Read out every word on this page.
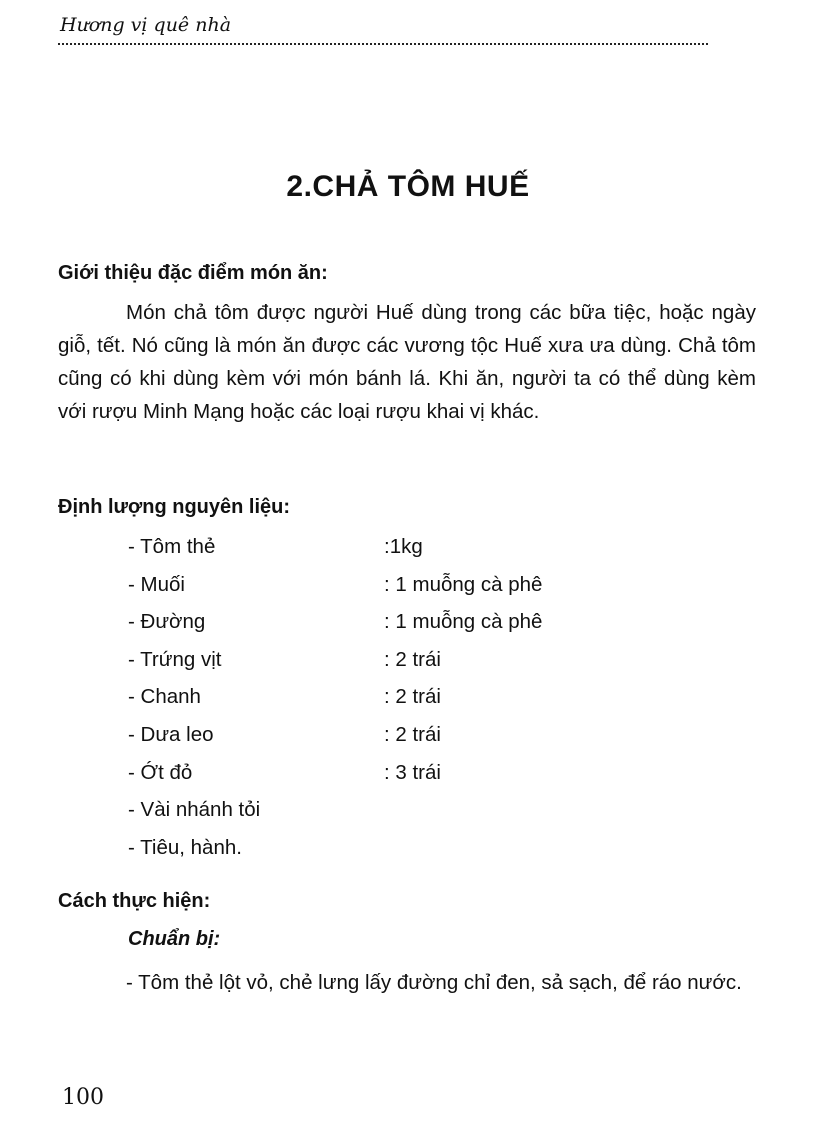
Hương vị quê nhà
2.CHẢ TÔM HUẾ
Giới thiệu đặc điểm món ăn:
Món chả tôm được người Huế dùng trong các bữa tiệc, hoặc ngày giỗ, tết. Nó cũng là món ăn được các vương tộc Huế xưa ưa dùng. Chả tôm cũng có khi dùng kèm với món bánh lá. Khi ăn, người ta có thể dùng kèm với rượu Minh Mạng hoặc các loại rượu khai vị khác.
Định lượng nguyên liệu:
- Tôm thẻ	:1kg
- Muối	: 1 muỗng cà phê
- Đường	: 1 muỗng cà phê
- Trứng vịt	: 2 trái
- Chanh	: 2 trái
- Dưa leo	: 2 trái
- Ớt đỏ	: 3 trái
- Vài nhánh tỏi
- Tiêu, hành.
Cách thực hiện:
Chuẩn bị:
- Tôm thẻ lột vỏ, chẻ lưng lấy đường chỉ đen, sả sạch, để ráo nước.
100
